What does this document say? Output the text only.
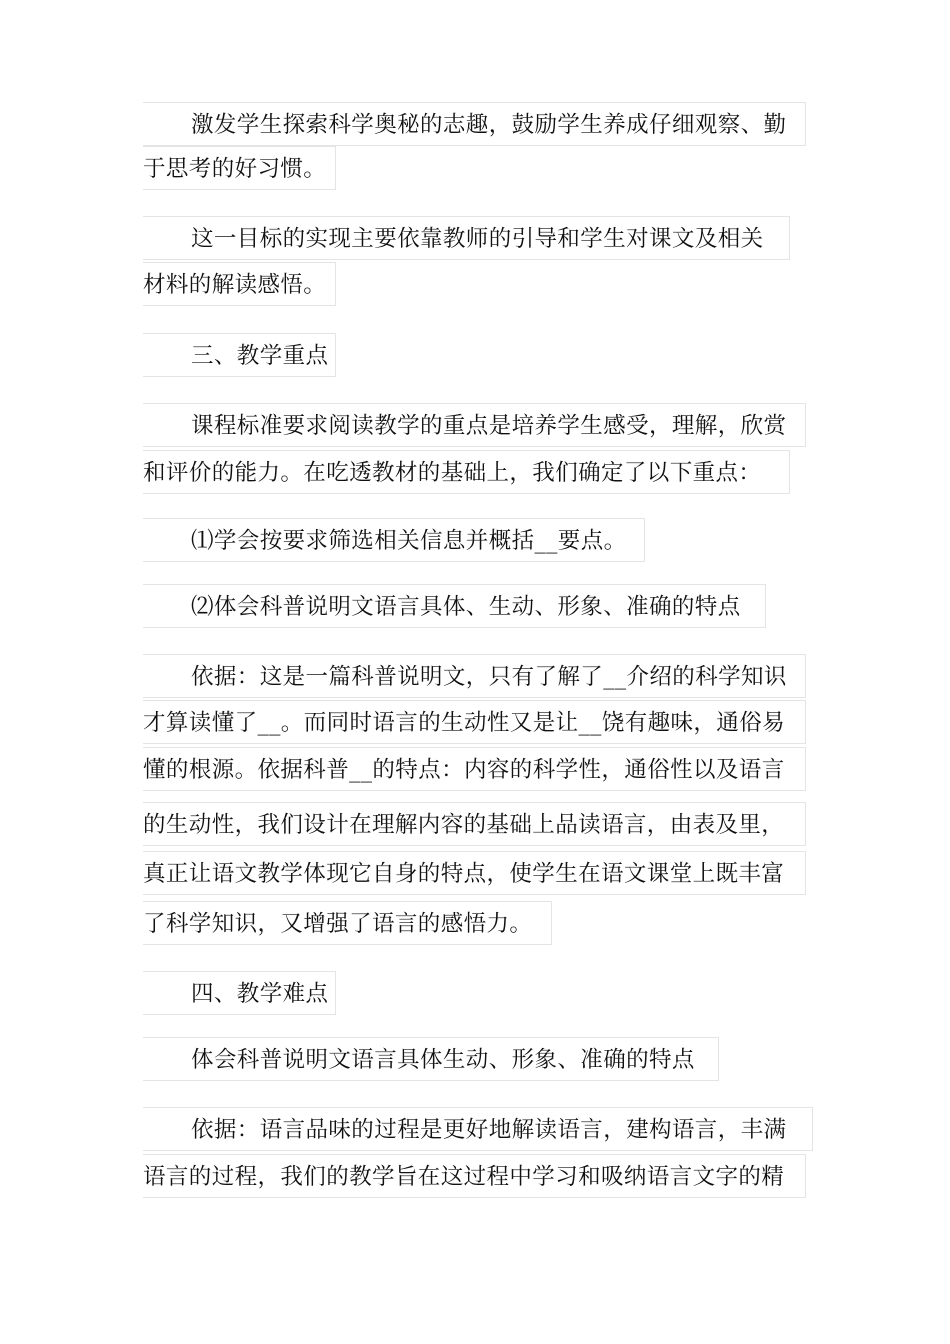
激发学生探索科学奥秘的志趣，鼓励学生养成仔细观察、勤
于思考的好习惯。
这一目标的实现主要依靠教师的引导和学生对课文及相关
材料的解读感悟。
三、教学重点
课程标准要求阅读教学的重点是培养学生感受，理解，欣赏
和评价的能力。在吃透教材的基础上，我们确定了以下重点：
⑴学会按要求筛选相关信息并概括__要点。
⑵体会科普说明文语言具体、生动、形象、准确的特点
依据：这是一篇科普说明文，只有了解了__介绍的科学知识
才算读懂了__。而同时语言的生动性又是让__饶有趣味，通俗易
懂的根源。依据科普__的特点：内容的科学性，通俗性以及语言
的生动性，我们设计在理解内容的基础上品读语言，由表及里，
真正让语文教学体现它自身的特点，使学生在语文课堂上既丰富
了科学知识，又增强了语言的感悟力。
四、教学难点
体会科普说明文语言具体生动、形象、准确的特点
依据：语言品味的过程是更好地解读语言，建构语言，丰满
语言的过程，我们的教学旨在这过程中学习和吸纳语言文字的精
